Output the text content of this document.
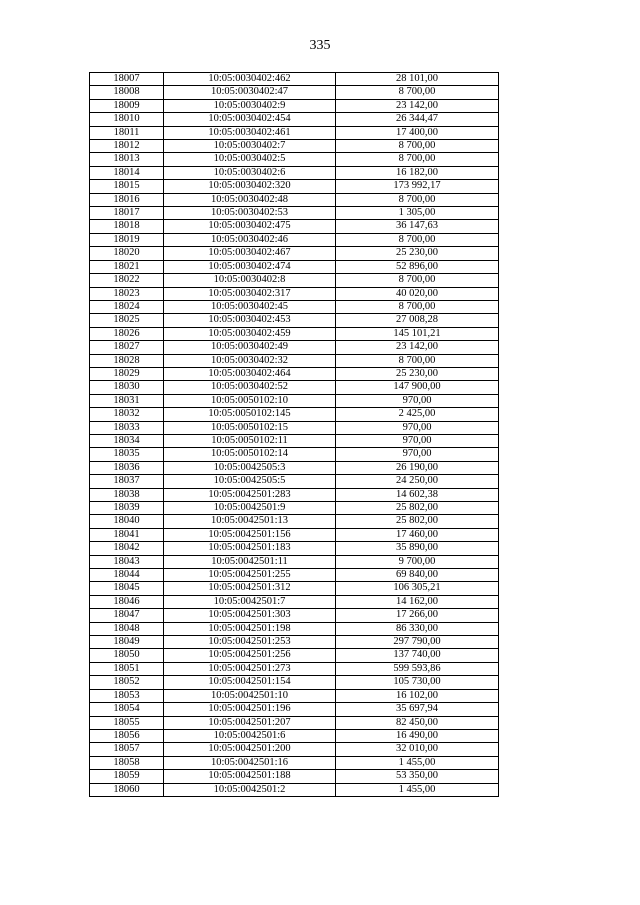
335
18007	10:05:0030402:462	28 101,00
18008	10:05:0030402:47	8 700,00
18009	10:05:0030402:9	23 142,00
18010	10:05:0030402:454	26 344,47
18011	10:05:0030402:461	17 400,00
18012	10:05:0030402:7	8 700,00
18013	10:05:0030402:5	8 700,00
18014	10:05:0030402:6	16 182,00
18015	10:05:0030402:320	173 992,17
18016	10:05:0030402:48	8 700,00
18017	10:05:0030402:53	1 305,00
18018	10:05:0030402:475	36 147,63
18019	10:05:0030402:46	8 700,00
18020	10:05:0030402:467	25 230,00
18021	10:05:0030402:474	52 896,00
18022	10:05:0030402:8	8 700,00
18023	10:05:0030402:317	40 020,00
18024	10:05:0030402:45	8 700,00
18025	10:05:0030402:453	27 008,28
18026	10:05:0030402:459	145 101,21
18027	10:05:0030402:49	23 142,00
18028	10:05:0030402:32	8 700,00
18029	10:05:0030402:464	25 230,00
18030	10:05:0030402:52	147 900,00
18031	10:05:0050102:10	970,00
18032	10:05:0050102:145	2 425,00
18033	10:05:0050102:15	970,00
18034	10:05:0050102:11	970,00
18035	10:05:0050102:14	970,00
18036	10:05:0042505:3	26 190,00
18037	10:05:0042505:5	24 250,00
18038	10:05:0042501:283	14 602,38
18039	10:05:0042501:9	25 802,00
18040	10:05:0042501:13	25 802,00
18041	10:05:0042501:156	17 460,00
18042	10:05:0042501:183	35 890,00
18043	10:05:0042501:11	9 700,00
18044	10:05:0042501:255	69 840,00
18045	10:05:0042501:312	106 305,21
18046	10:05:0042501:7	14 162,00
18047	10:05:0042501:303	17 266,00
18048	10:05:0042501:198	86 330,00
18049	10:05:0042501:253	297 790,00
18050	10:05:0042501:256	137 740,00
18051	10:05:0042501:273	599 593,86
18052	10:05:0042501:154	105 730,00
18053	10:05:0042501:10	16 102,00
18054	10:05:0042501:196	35 697,94
18055	10:05:0042501:207	82 450,00
18056	10:05:0042501:6	16 490,00
18057	10:05:0042501:200	32 010,00
18058	10:05:0042501:16	1 455,00
18059	10:05:0042501:188	53 350,00
18060	10:05:0042501:2	1 455,00
